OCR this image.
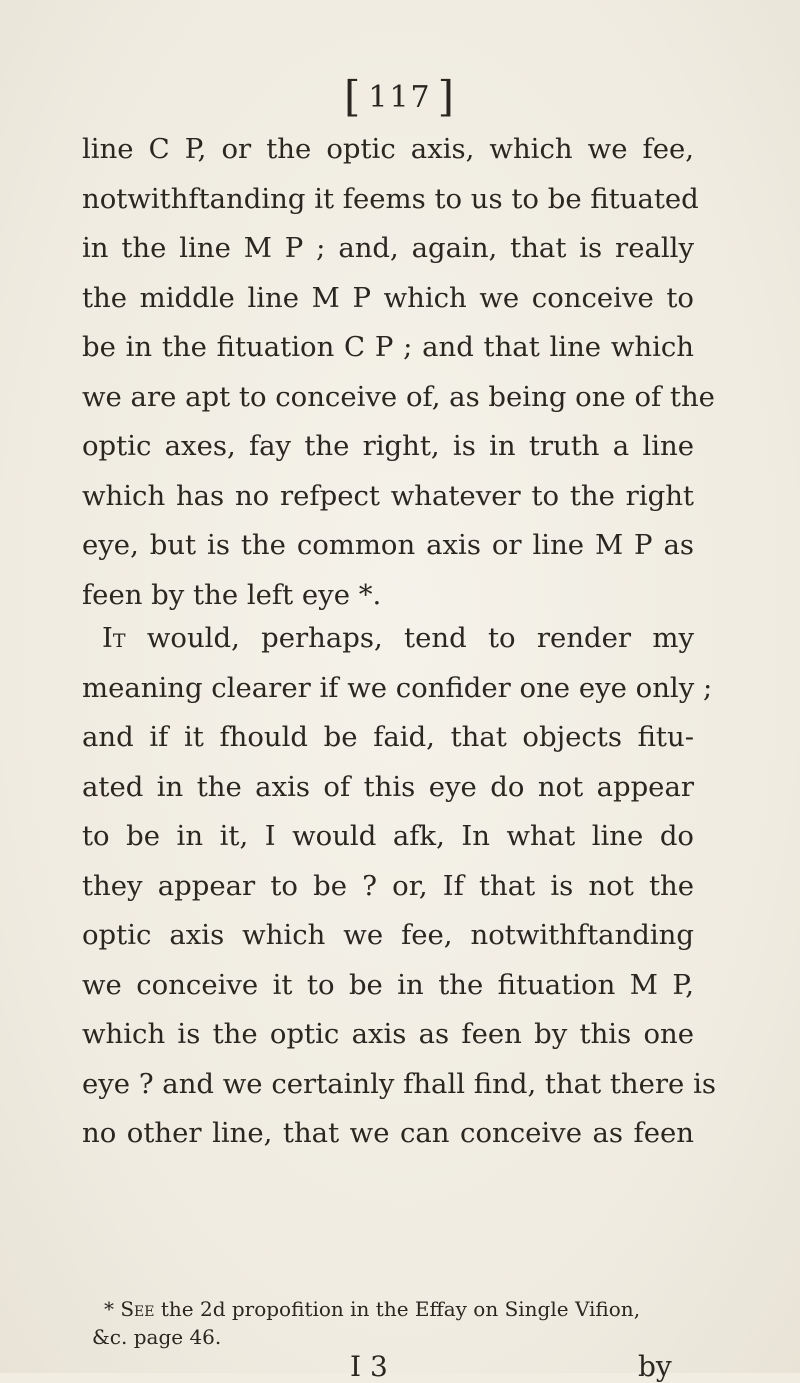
[ 117 ]
line C P, or the optic axis, which we fee,
notwithftanding it feems to us to be fituated
in the line M P ; and, again, that is really
the middle line M P which we conceive to
be in the fituation C P ; and that line which
we are apt to conceive of, as being one of the
optic axes, fay the right, is in truth a line
which has no refpect whatever to the right
eye, but is the common axis or line M P as
feen by the left eye *.
It would, perhaps, tend to render my
meaning clearer if we confider one eye only ;
and if it fhould be faid, that objects fitu-
ated in the axis of this eye do not appear
to be in it, I would afk, In what line do
they appear to be ? or, If that is not the
optic axis which we fee, notwithftanding
we conceive it to be in the fituation M P,
which is the optic axis as feen by this one
eye ? and we certainly fhall find, that there is
no other line, that we can conceive as feen
* See the 2d propofition in the Effay on Single Vifion,
&c. page 46.
I 3	by
